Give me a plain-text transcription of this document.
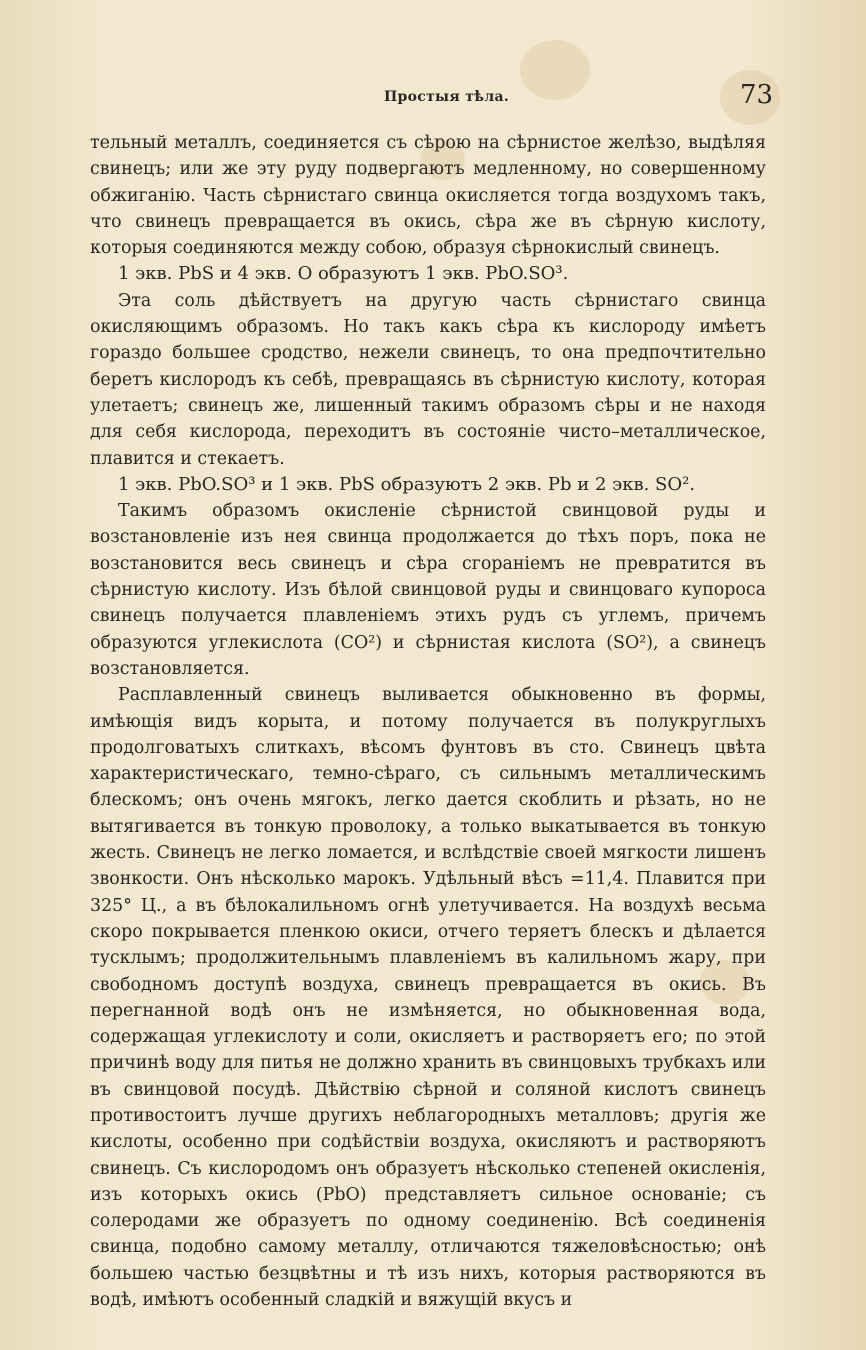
Простыя тѣла.	73

тельный металлъ, соединяется съ сѣрою на сѣрнистое желѣзо, выдѣляя свинецъ; или же эту руду подвергаютъ медленному, но совершенному обжиганію. Часть сѣрнистаго свинца окисляется тогда воздухомъ такъ, что свинецъ превращается въ окись, сѣра же въ сѣрную кислоту, которыя соединяются между собою, образуя сѣрнокислый свинецъ.

1 экв. PbS и 4 экв. O образуютъ 1 экв. PbO.SO³.

Эта соль дѣйствуетъ на другую часть сѣрнистаго свинца окисляющимъ образомъ. Но такъ какъ сѣра къ кислороду имѣетъ гораздо большее сродство, нежели свинецъ, то она предпочтительно беретъ кислородъ къ себѣ, превращаясь въ сѣрнистую кислоту, которая улетаетъ; свинецъ же, лишенный такимъ образомъ сѣры и не находя для себя кислорода, переходитъ въ состояніе чисто–металлическое, плавится и стекаетъ.

1 экв. PbO.SO³ и 1 экв. PbS образуютъ 2 экв. Pb и 2 экв. SO².

Такимъ образомъ окисленіе сѣрнистой свинцовой руды и возстановленіе изъ нея свинца продолжается до тѣхъ поръ, пока не возстановится весь свинецъ и сѣра сгораніемъ не превратится въ сѣрнистую кислоту. Изъ бѣлой свинцовой руды и свинцоваго купороса свинецъ получается плавленіемъ этихъ рудъ съ углемъ, причемъ образуются углекислота (CO²) и сѣрнистая кислота (SO²), а свинецъ возстановляется.

Расплавленный свинецъ выливается обыкновенно въ формы, имѣющія видъ корыта, и потому получается въ полукруглыхъ продолговатыхъ слиткахъ, вѣсомъ фунтовъ въ сто. Свинецъ цвѣта характеристическаго, темно-сѣраго, съ сильнымъ металлическимъ блескомъ; онъ очень мягокъ, легко дается скоблить и рѣзать, но не вытягивается въ тонкую проволоку, а только выкатывается въ тонкую жесть. Свинецъ не легко ломается, и вслѣдствіе своей мягкости лишенъ звонкости. Онъ нѣсколько марокъ. Удѣльный вѣсъ =11,4. Плавится при 325° Ц., а въ бѣлокалильномъ огнѣ улетучивается. На воздухѣ весьма скоро покрывается пленкою окиси, отчего теряетъ блескъ и дѣлается тусклымъ; продолжительнымъ плавленіемъ въ калильномъ жару, при свободномъ доступѣ воздуха, свинецъ превращается въ окись. Въ перегнанной водѣ онъ не измѣняется, но обыкновенная вода, содержащая углекислоту и соли, окисляетъ и растворяетъ его; по этой причинѣ воду для питья не должно хранить въ свинцовыхъ трубкахъ или въ свинцовой посудѣ. Дѣйствію сѣрной и соляной кислотъ свинецъ противостоитъ лучше другихъ неблагородныхъ металловъ; другія же кислоты, особенно при содѣйствіи воздуха, окисляютъ и растворяютъ свинецъ. Съ кислородомъ онъ образуетъ нѣсколько степеней окисленія, изъ которыхъ окись (PbO) представляетъ сильное основаніе; съ солеродами же образуетъ по одному соединенію. Всѣ соединенія свинца, подобно самому металлу, отличаются тяжеловѣсностью; онѣ большею частью безцвѣтны и тѣ изъ нихъ, которыя растворяются въ водѣ, имѣютъ особенный сладкій и вяжущій вкусъ и
